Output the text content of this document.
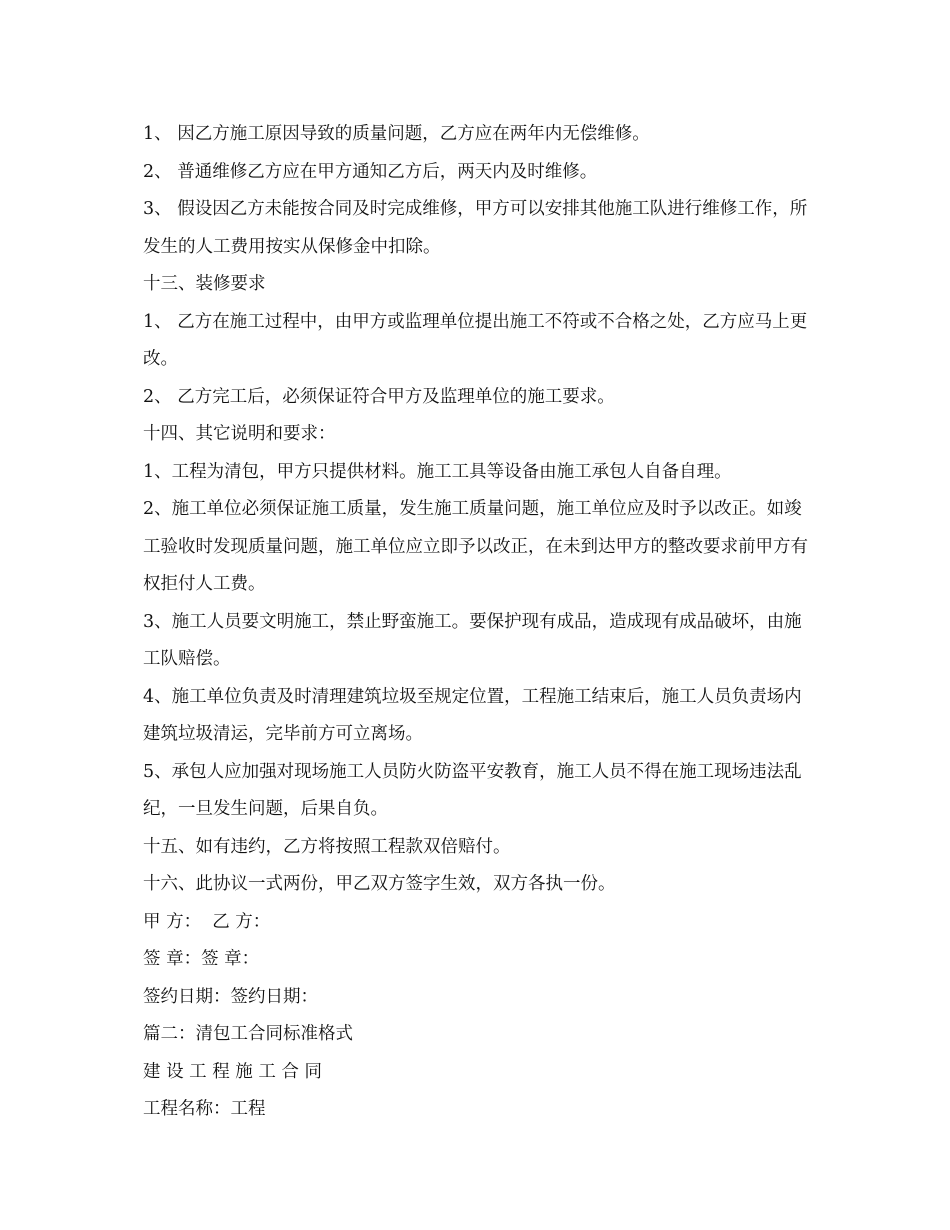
1、 因乙方施工原因导致的质量问题，乙方应在两年内无偿维修。

2、 普通维修乙方应在甲方通知乙方后，两天内及时维修。

3、 假设因乙方未能按合同及时完成维修，甲方可以安排其他施工队进行维修工作，所发生的人工费用按实从保修金中扣除。

十三、装修要求

1、 乙方在施工过程中，由甲方或监理单位提出施工不符或不合格之处，乙方应马上更改。

2、 乙方完工后，必须保证符合甲方及监理单位的施工要求。

十四、其它说明和要求：

1、工程为清包，甲方只提供材料。施工工具等设备由施工承包人自备自理。

2、施工单位必须保证施工质量，发生施工质量问题，施工单位应及时予以改正。如竣工验收时发现质量问题，施工单位应立即予以改正，在未到达甲方的整改要求前甲方有权拒付人工费。

3、施工人员要文明施工，禁止野蛮施工。要保护现有成品，造成现有成品破坏，由施工队赔偿。

4、施工单位负责及时清理建筑垃圾至规定位置，工程施工结束后，施工人员负责场内建筑垃圾清运，完毕前方可立离场。

5、承包人应加强对现场施工人员防火防盗平安教育，施工人员不得在施工现场违法乱纪，一旦发生问题，后果自负。

十五、如有违约，乙方将按照工程款双倍赔付。

十六、此协议一式两份，甲乙双方签字生效，双方各执一份。

甲 方：  乙 方：

签 章：签 章：

签约日期：签约日期：

篇二：清包工合同标准格式

建 设 工 程 施 工 合 同

工程名称：工程
